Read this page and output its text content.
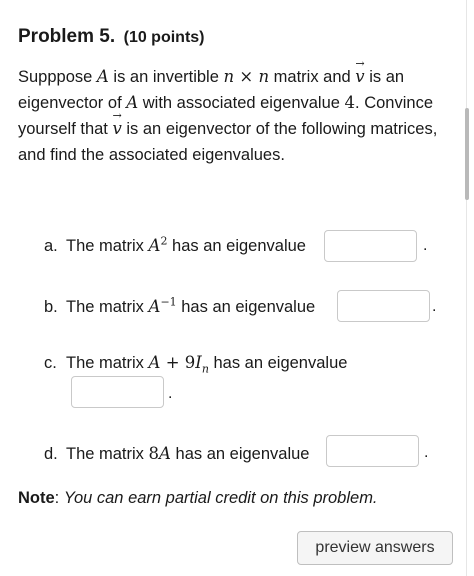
Problem 5. (10 points)
Supppose A is an invertible n × n matrix and → v is an eigenvector of A with associated eigenvalue 4. Convince yourself that → v is an eigenvector of the following matrices, and find the associated eigenvalues.
a. The matrix $A^2$ has an eigenvalue	.
b. The matrix $A^{-1}$ has an eigenvalue	.
c. The matrix $A + 9I_n$ has an eigenvalue
.
d. The matrix 8A has an eigenvalue	.
Note: You can earn partial credit on this problem.
preview answers
